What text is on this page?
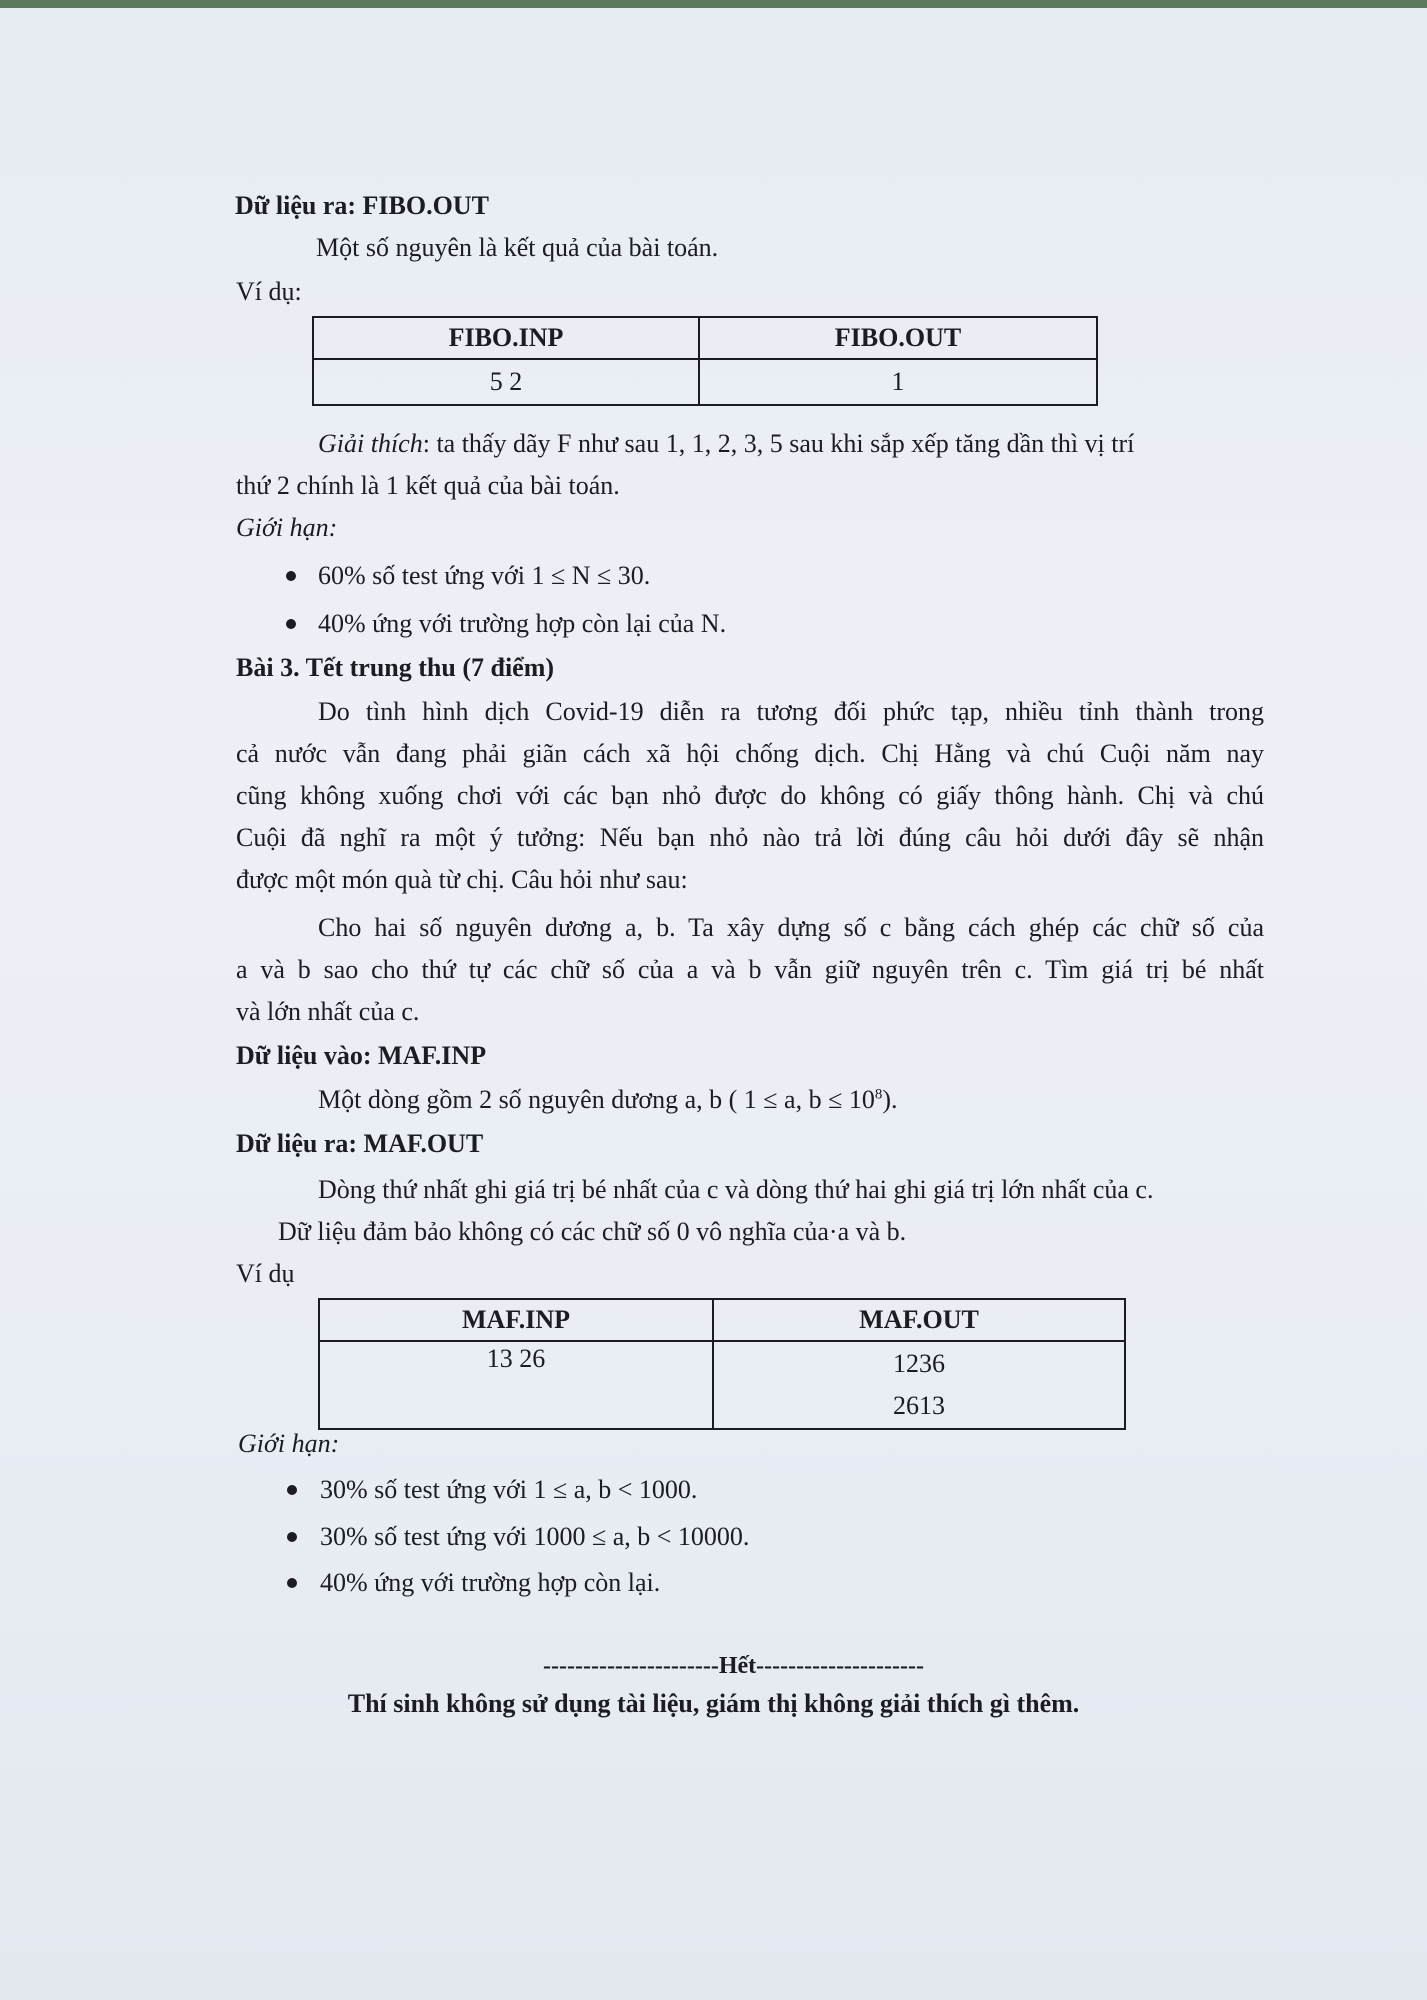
Dữ liệu ra: FIBO.OUT
Một số nguyên là kết quả của bài toán.
Ví dụ:
FIBO.INP	FIBO.OUT
5 2	1
Giải thích: ta thấy dãy F như sau 1, 1, 2, 3, 5 sau khi sắp xếp tăng dần thì vị trí
thứ 2 chính là 1 kết quả của bài toán.
Giới hạn:
60% số test ứng với 1 ≤ N ≤ 30.
40% ứng với trường hợp còn lại của N.
Bài 3. Tết trung thu (7 điểm)
Do tình hình dịch Covid-19 diễn ra tương đối phức tạp, nhiều tỉnh thành trong
cả nước vẫn đang phải giãn cách xã hội chống dịch. Chị Hằng và chú Cuội năm nay
cũng không xuống chơi với các bạn nhỏ được do không có giấy thông hành. Chị và chú
Cuội đã nghĩ ra một ý tưởng: Nếu bạn nhỏ nào trả lời đúng câu hỏi dưới đây sẽ nhận
được một món quà từ chị. Câu hỏi như sau:
Cho hai số nguyên dương a, b. Ta xây dựng số c bằng cách ghép các chữ số của
a và b sao cho thứ tự các chữ số của a và b vẫn giữ nguyên trên c. Tìm giá trị bé nhất
và lớn nhất của c.
Dữ liệu vào: MAF.INP
Một dòng gồm 2 số nguyên dương a, b ( 1 ≤ a, $b \le 10^8$).
Dữ liệu ra: MAF.OUT
Dòng thứ nhất ghi giá trị bé nhất của c và dòng thứ hai ghi giá trị lớn nhất của c.
Dữ liệu đảm bảo không có các chữ số 0 vô nghĩa của·a và b.
Ví dụ
MAF.INP	MAF.OUT
13 26	1236
2613
Giới hạn:
30% số test ứng với 1 ≤ a, b < 1000.
30% số test ứng với 1000 ≤ a, b < 10000.
40% ứng với trường hợp còn lại.
----------------------Hết---------------------
Thí sinh không sử dụng tài liệu, giám thị không giải thích gì thêm.
